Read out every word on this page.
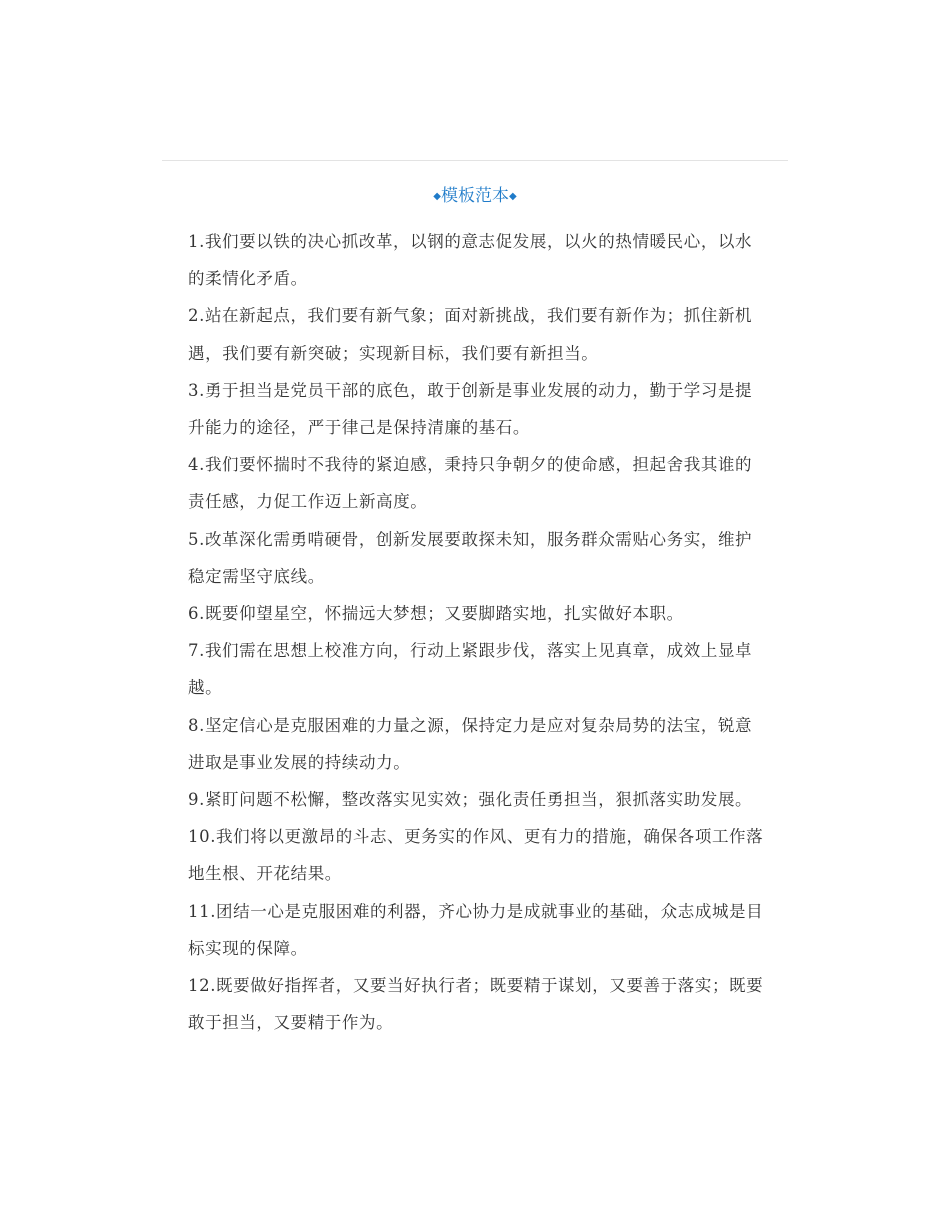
◆模板范本◆

1.我们要以铁的决心抓改革，以钢的意志促发展，以火的热情暖民心，以水的柔情化矛盾。

2.站在新起点，我们要有新气象；面对新挑战，我们要有新作为；抓住新机遇，我们要有新突破；实现新目标，我们要有新担当。

3.勇于担当是党员干部的底色，敢于创新是事业发展的动力，勤于学习是提升能力的途径，严于律己是保持清廉的基石。

4.我们要怀揣时不我待的紧迫感，秉持只争朝夕的使命感，担起舍我其谁的责任感，力促工作迈上新高度。

5.改革深化需勇啃硬骨，创新发展要敢探未知，服务群众需贴心务实，维护稳定需坚守底线。

6.既要仰望星空，怀揣远大梦想；又要脚踏实地，扎实做好本职。

7.我们需在思想上校准方向，行动上紧跟步伐，落实上见真章，成效上显卓越。

8.坚定信心是克服困难的力量之源，保持定力是应对复杂局势的法宝，锐意进取是事业发展的持续动力。

9.紧盯问题不松懈，整改落实见实效；强化责任勇担当，狠抓落实助发展。

10.我们将以更激昂的斗志、更务实的作风、更有力的措施，确保各项工作落地生根、开花结果。

11.团结一心是克服困难的利器，齐心协力是成就事业的基础，众志成城是目标实现的保障。

12.既要做好指挥者，又要当好执行者；既要精于谋划，又要善于落实；既要敢于担当，又要精于作为。
